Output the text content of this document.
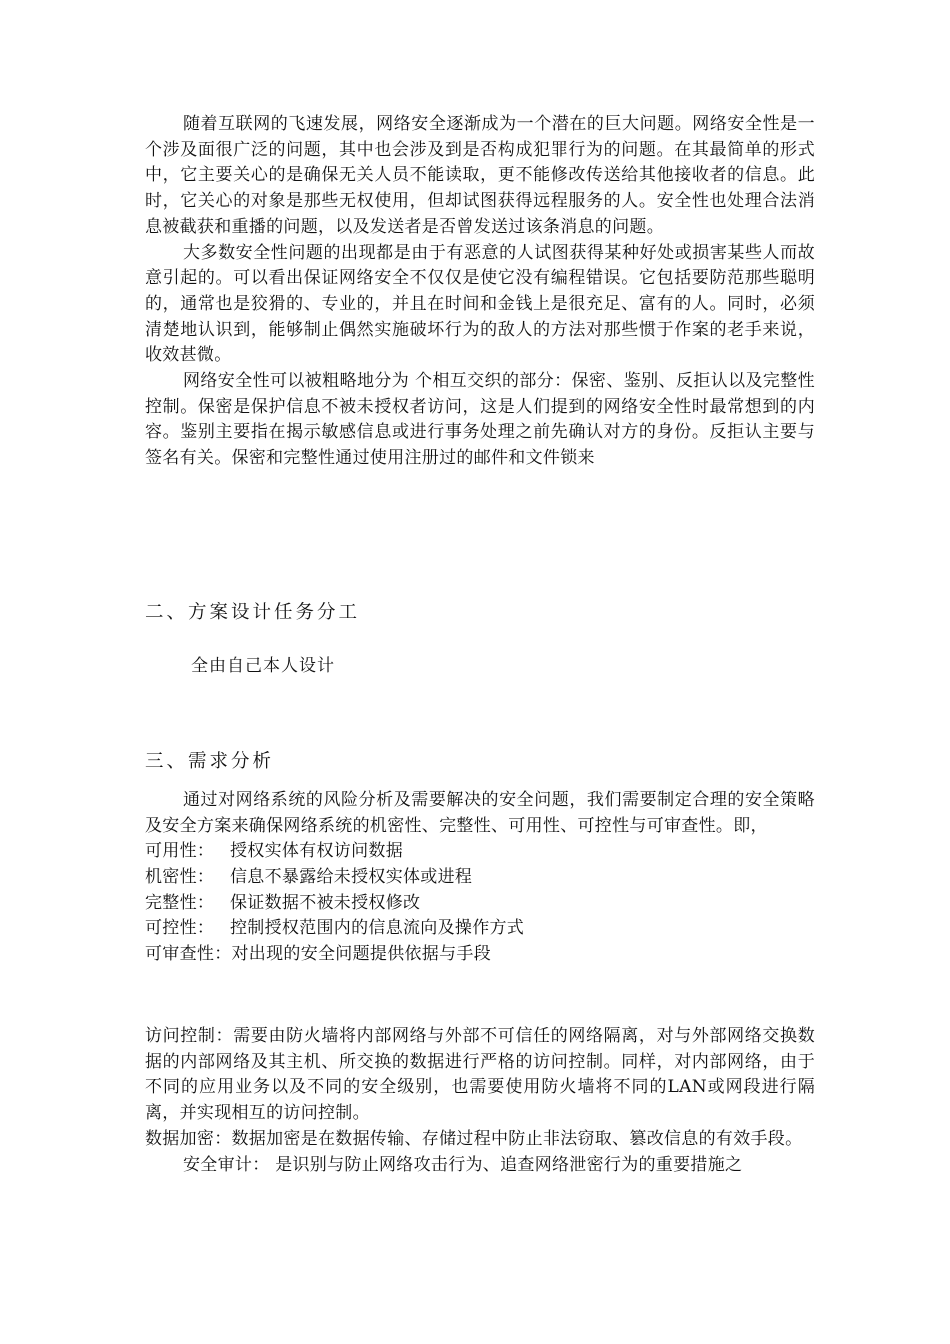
随着互联网的飞速发展，网络安全逐渐成为一个潜在的巨大问题。网络安全性是一个涉及面很广泛的问题，其中也会涉及到是否构成犯罪行为的问题。在其最简单的形式中，它主要关心的是确保无关人员不能读取，更不能修改传送给其他接收者的信息。此时，它关心的对象是那些无权使用，但却试图获得远程服务的人。安全性也处理合法消息被截获和重播的问题，以及发送者是否曾发送过该条消息的问题。

大多数安全性问题的出现都是由于有恶意的人试图获得某种好处或损害某些人而故意引起的。可以看出保证网络安全不仅仅是使它没有编程错误。它包括要防范那些聪明的，通常也是狡猾的、专业的，并且在时间和金钱上是很充足、富有的人。同时，必须清楚地认识到，能够制止偶然实施破坏行为的敌人的方法对那些惯于作案的老手来说，收效甚微。

网络安全性可以被粗略地分为 个相互交织的部分：保密、鉴别、反拒认以及完整性控制。保密是保护信息不被未授权者访问，这是人们提到的网络安全性时最常想到的内容。鉴别主要指在揭示敏感信息或进行事务处理之前先确认对方的身份。反拒认主要与签名有关。保密和完整性通过使用注册过的邮件和文件锁来

二、方案设计任务分工

全由自己本人设计

三、需求分析

通过对网络系统的风险分析及需要解决的安全问题，我们需要制定合理的安全策略及安全方案来确保网络系统的机密性、完整性、可用性、可控性与可审查性。即，

可用性： 授权实体有权访问数据
机密性： 信息不暴露给未授权实体或进程
完整性： 保证数据不被未授权修改
可控性： 控制授权范围内的信息流向及操作方式
可审查性： 对出现的安全问题提供依据与手段

访问控制：需要由防火墙将内部网络与外部不可信任的网络隔离，对与外部网络交换数据的内部网络及其主机、所交换的数据进行严格的访问控制。同样，对内部网络，由于不同的应用业务以及不同的安全级别，也需要使用防火墙将不同的LAN或网段进行隔离，并实现相互的访问控制。

数据加密：数据加密是在数据传输、存储过程中防止非法窃取、篡改信息的有效手段。

安全审计： 是识别与防止网络攻击行为、追查网络泄密行为的重要措施之
